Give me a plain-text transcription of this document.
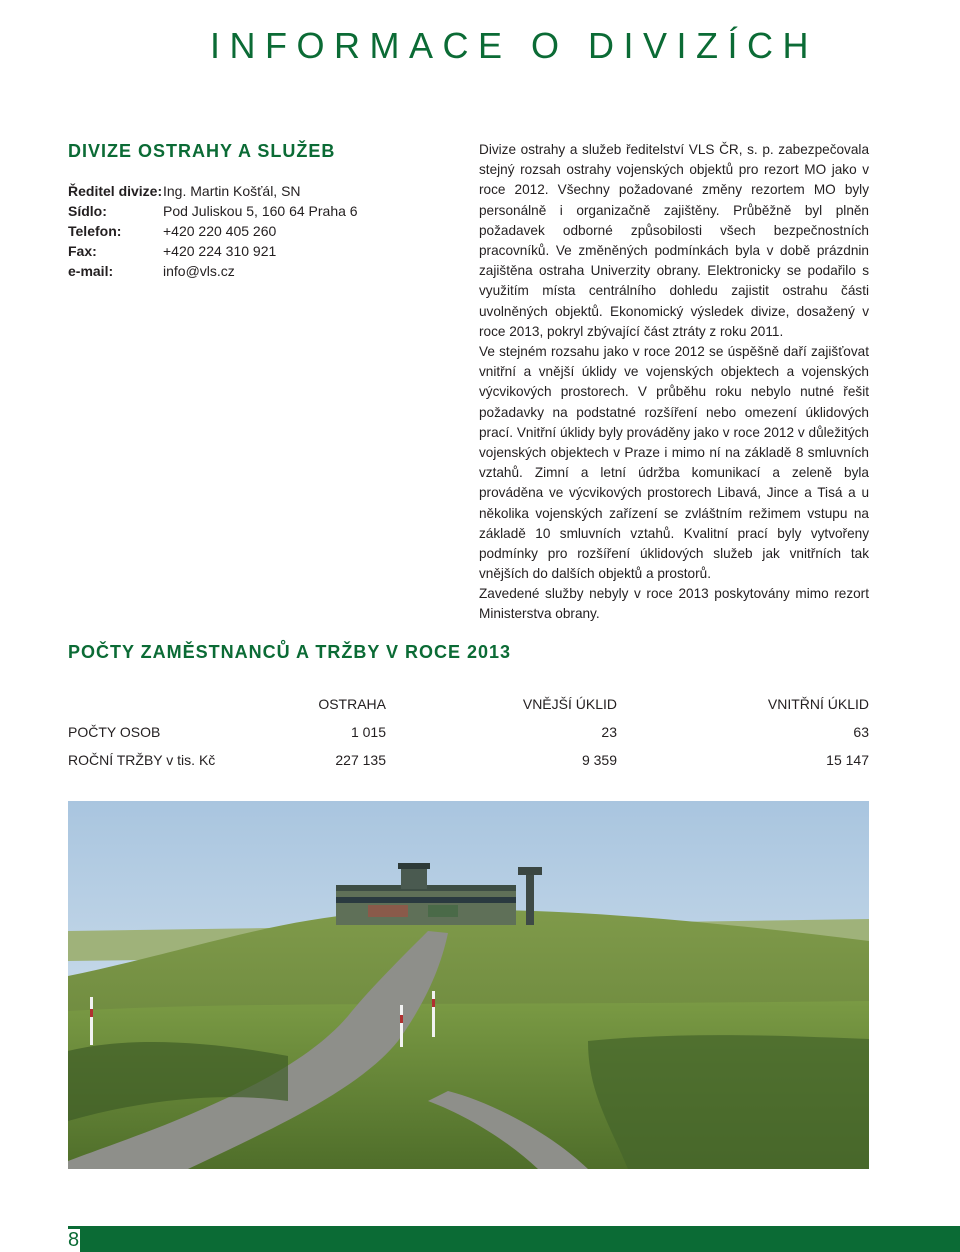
INFORMACE O DIVIZÍCH
DIVIZE OSTRAHY A SLUŽEB
Ředitel divize: Ing. Martin Košťál, SN
Sídlo:	Pod Juliskou 5, 160 64 Praha 6
Telefon:	+420 220 405 260
Fax:	+420 224 310 921
e-mail:	info@vls.cz

Divize ostrahy a služeb ředitelství VLS ČR, s. p. zabezpečovala stejný rozsah ostrahy vojenských objektů pro rezort MO jako v roce 2012. Všechny požadované změny rezortem MO byly personálně i organizačně zajištěny. Průběžně byl plněn požadavek odborné způsobilosti všech bezpečnostních pracovníků. Ve změněných podmínkách byla v době prázdnin zajištěna ostraha Univerzity obrany. Elektronicky se podařilo s využitím místa centrálního dohledu zajistit ostrahu části uvolněných objektů. Ekonomický výsledek divize, dosažený v roce 2013, pokryl zbývající část ztráty z roku 2011.

Ve stejném rozsahu jako v roce 2012 se úspěšně daří zajišťovat vnitřní a vnější úklidy ve vojenských objektech a vojenských výcvikových prostorech. V průběhu roku nebylo nutné řešit požadavky na podstatné rozšíření nebo omezení úklidových prací. Vnitřní úklidy byly prováděny jako v roce 2012 v důležitých vojenských objektech v Praze i mimo ní na základě 8 smluvních vztahů. Zimní a letní údržba komunikací a zeleně byla prováděna ve výcvikových prostorech Libavá, Jince a Tisá a u několika vojenských zařízení se zvláštním režimem vstupu na základě 10 smluvních vztahů. Kvalitní prací byly vytvořeny podmínky pro rozšíření úklidových služeb jak vnitřních tak vnějších do dalších objektů a prostorů.

Zavedené služby nebyly v roce 2013 poskytovány mimo rezort Ministerstva obrany.

POČTY ZAMĚSTNANCŮ A TRŽBY V ROCE 2013
	OSTRAHA	VNĚJŠÍ ÚKLID	VNITŘNÍ ÚKLID
POČTY OSOB	1 015	23	63
ROČNÍ TRŽBY v tis. Kč	227 135	9 359	15 147
8
